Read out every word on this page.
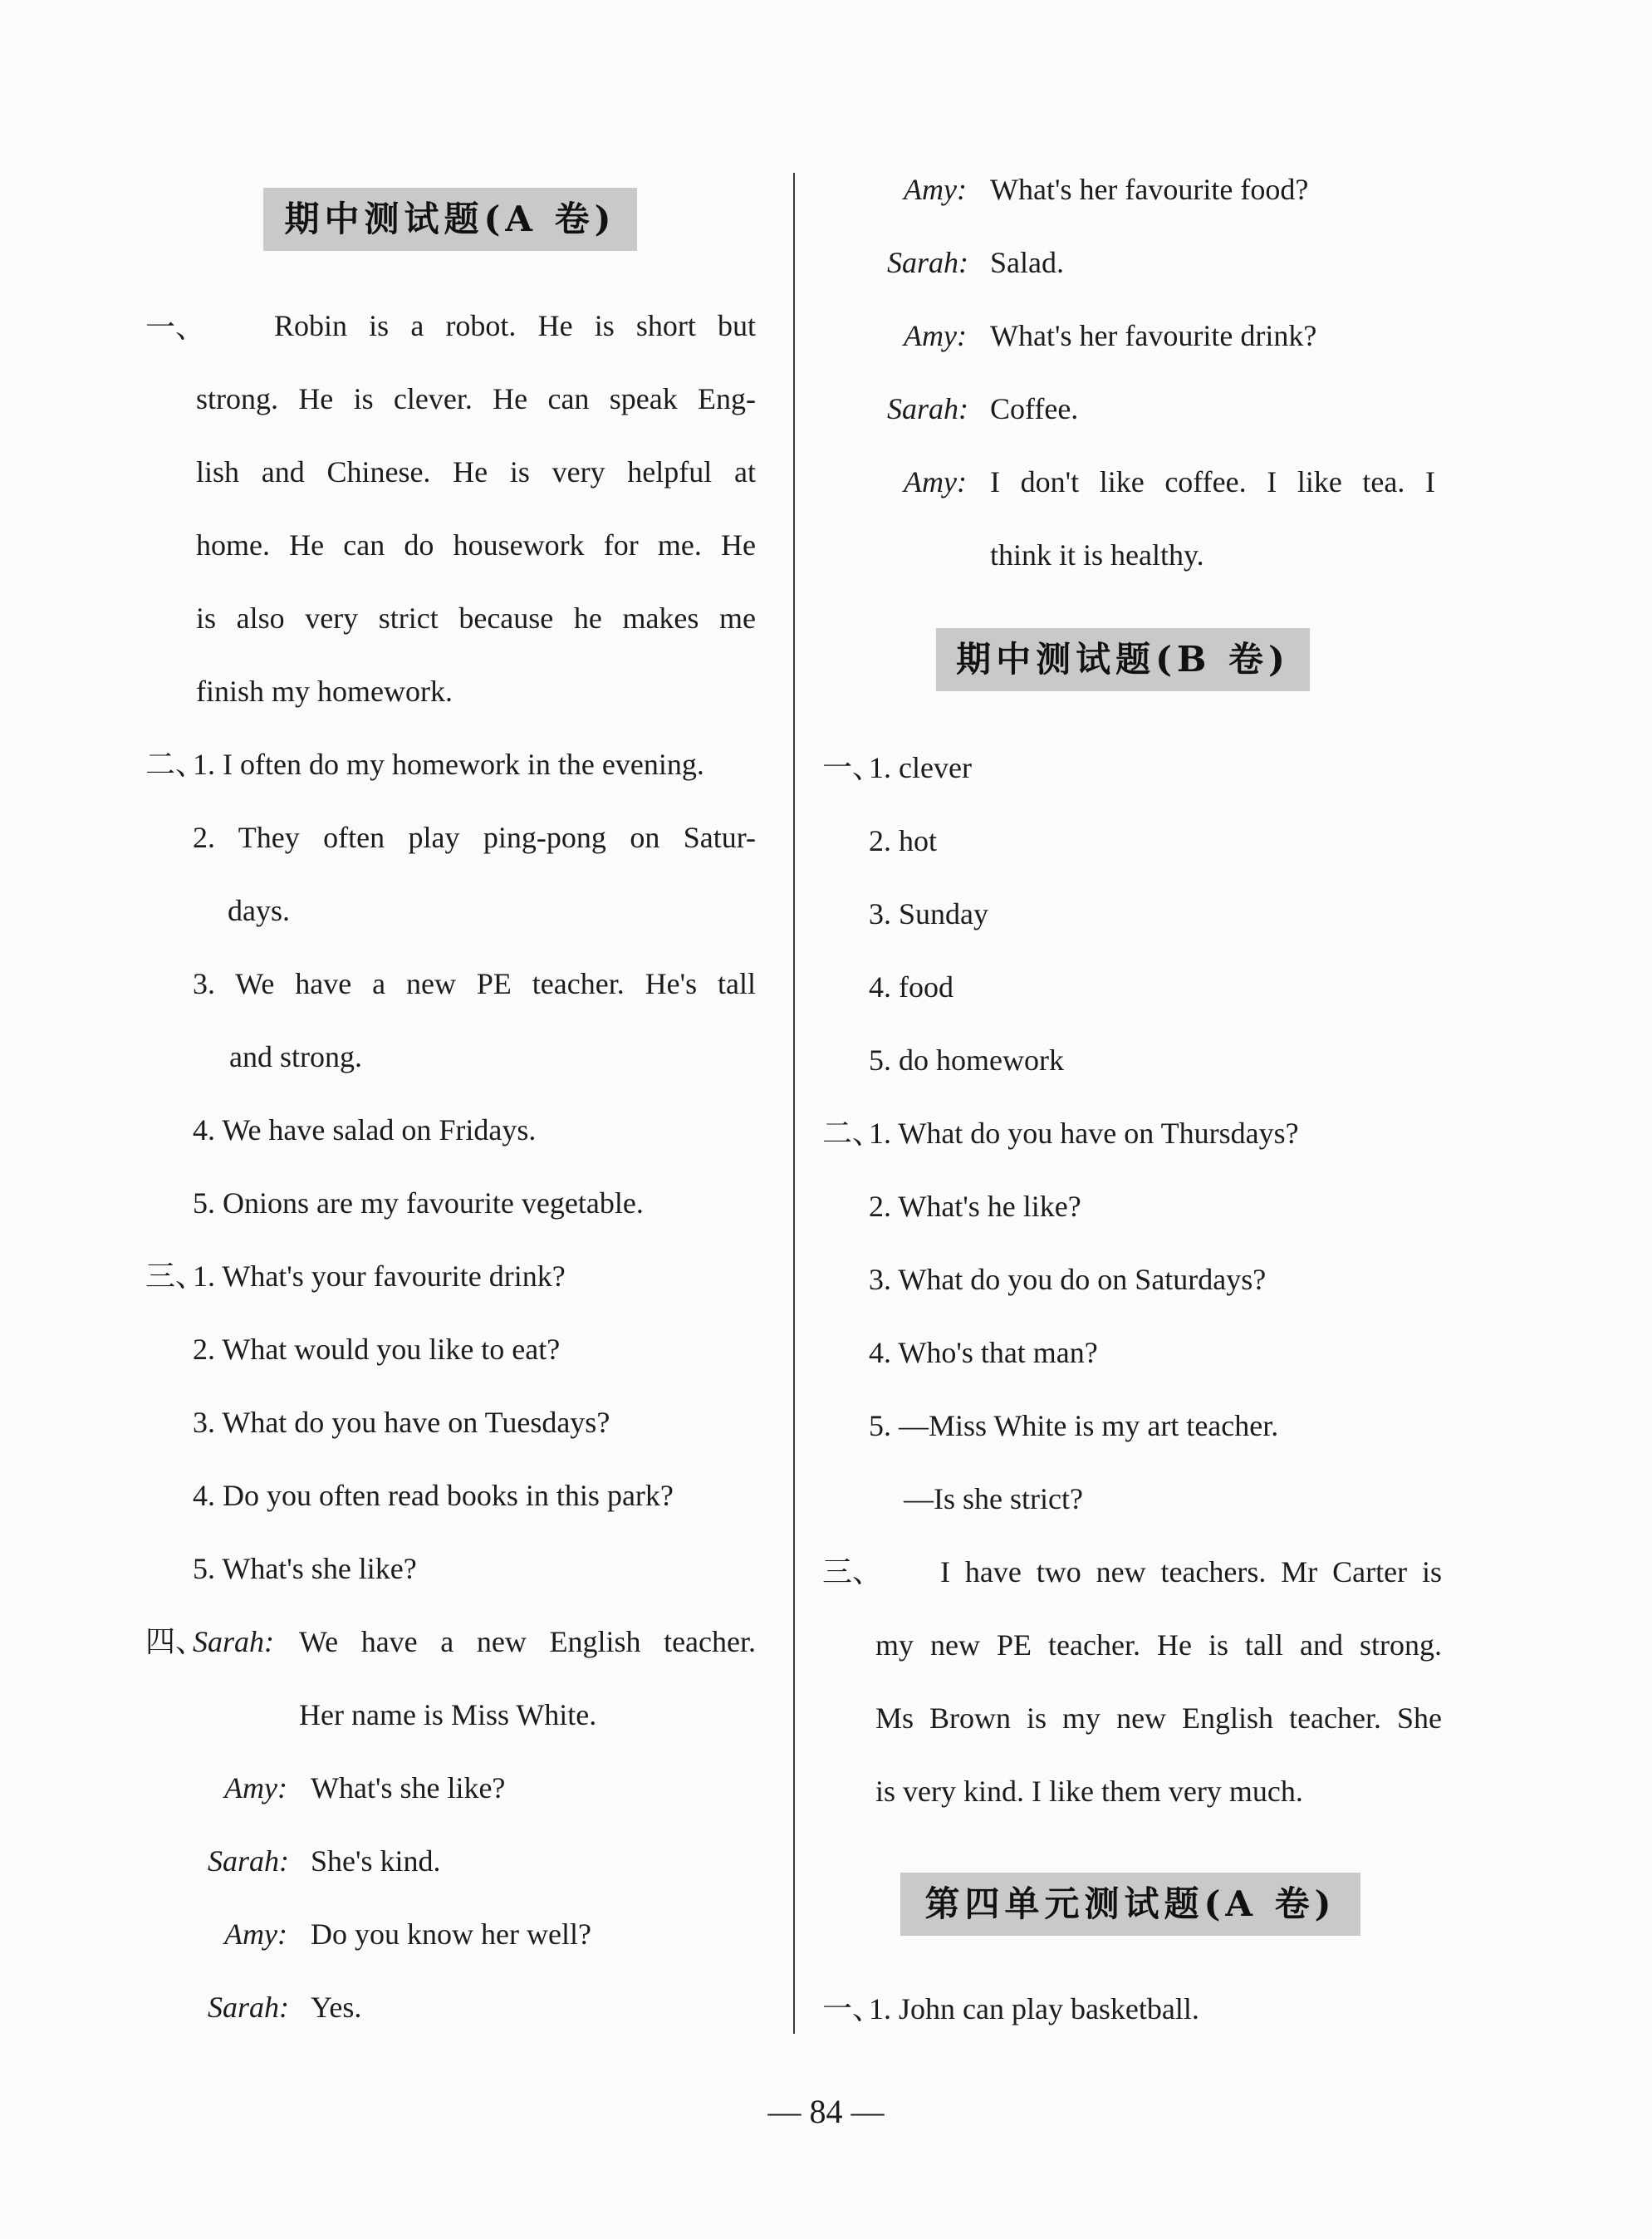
期中测试题(A 卷)
一、 Robin is a robot. He is short but
strong. He is clever. He can speak Eng-
lish and Chinese. He is very helpful at
home. He can do housework for me. He
is also very strict because he makes me
finish my homework.
二、
1. I often do my homework in the evening.
2. They often play ping-pong on Satur-
days.
3. We have a new PE teacher. He's tall
and strong.
4. We have salad on Fridays.
5. Onions are my favourite vegetable.
三、
1. What's your favourite drink?
2. What would you like to eat?
3. What do you have on Tuesdays?
4. Do you often read books in this park?
5. What's she like?
四、
Sarah: We have a new English teacher.
Her name is Miss White.
Amy: What's she like?
Sarah: She's kind.
Amy: Do you know her well?
Sarah: Yes.
Amy: What's her favourite food?
Sarah: Salad.
Amy: What's her favourite drink?
Sarah: Coffee.
Amy: I don't like coffee. I like tea. I
think it is healthy.
期中测试题(B 卷)
一、
1. clever
2. hot
3. Sunday
4. food
5. do homework
二、
1. What do you have on Thursdays?
2. What's he like?
3. What do you do on Saturdays?
4. Who's that man?
5. —Miss White is my art teacher.
—Is she strict?
三、 I have two new teachers. Mr Carter is
my new PE teacher. He is tall and strong.
Ms Brown is my new English teacher. She
is very kind. I like them very much.
第四单元测试题(A 卷)
一、
1. John can play basketball.
— 84 —
